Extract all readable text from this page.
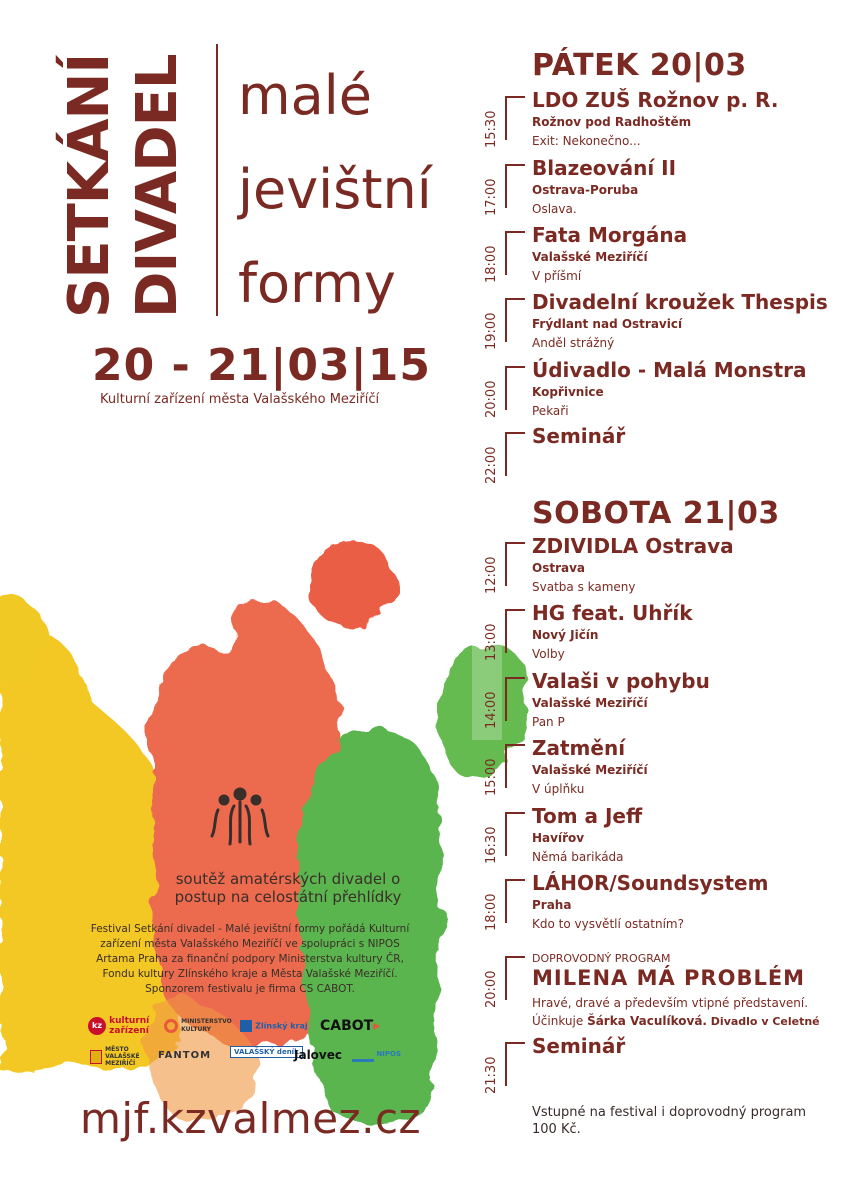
SETKÁNÍ DIVADEL malé
jevištní
formy
20 - 21|03|15
Kulturní zařízení města Valašského Meziříčí
PÁTEK 20|03
15:30
LDO ZUŠ Rožnov p. R.
Rožnov pod Radhoštěm
Exit: Nekonečno...
17:00
Blazeování II
Ostrava-Poruba
Oslava.
18:00
Fata Morgána
Valašské Meziříčí
V příšmí
19:00
Divadelní kroužek Thespis
Frýdlant nad Ostravicí
Anděl strážný
20:00
Údivadlo - Malá Monstra
Kopřivnice
Pekaři
22:00
Seminář
SOBOTA 21|03
12:00
ZDIVIDLA Ostrava
Ostrava
Svatba s kameny
13:00
HG feat. Uhřík
Nový Jičín
Volby
14:00
Valaši v pohybu
Valašské Meziříčí
Pan P
15:00
Zatmění
Valašské Meziříčí
V úplňku
16:30
Tom a Jeff
Havířov
Němá barikáda
18:00
LÁHOR/Soundsystem
Praha
Kdo to vysvětlí ostatním?
20:00
DOPROVODNÝ PROGRAM
MILENA MÁ PROBLÉM
Hravé, dravé a především vtipné představení.
Účinkuje Šárka Vaculíková. Divadlo v Celetné
21:30
Seminář
Vstupné na festival i doprovodný program 100 Kč.
soutěž amatérských divadel o postup na celostátní přehlídky
Festival Setkání divadel - Malé jevištní formy pořádá Kulturní zařízení města Valašského Meziříčí ve spolupráci s NIPOS Artama Praha za finanční podpory Ministerstva kultury ČR, Fondu kultury Zlínského kraje a Města Valašské Meziříčí. Sponzorem festivalu je firma CS CABOT.
kz kulturní zařízení
MINISTERSTVO KULTURY	Zlínský kraj CABOT▸
MĚSTO VALAŠSKÉ MEZIŘÍČÍ
FANTOM	VALAŠSKÝ deník
Jalovec	NIPOS
mjf.kzvalmez.cz
